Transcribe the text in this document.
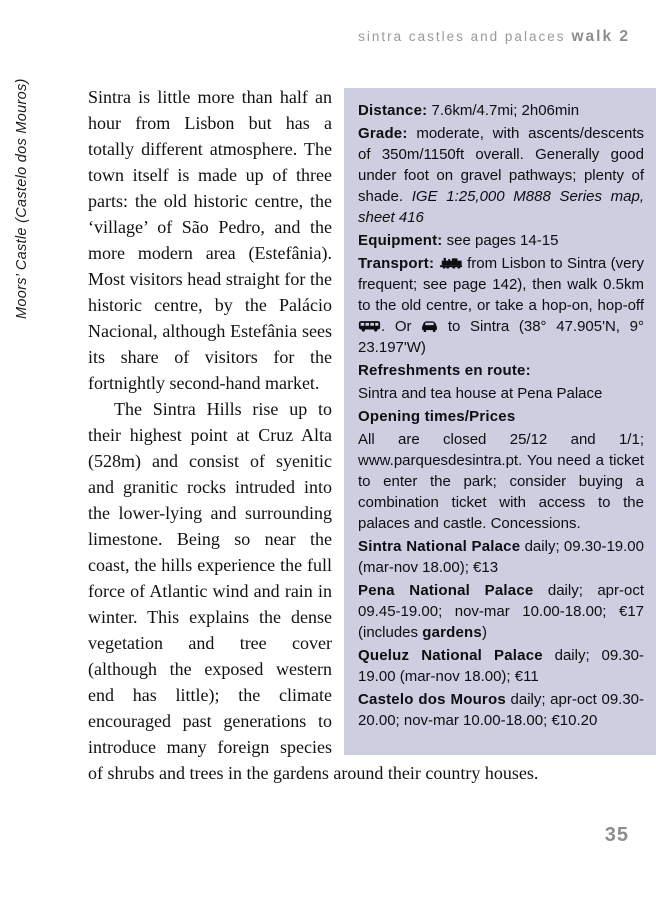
sintra castles and palaces walk 2
Moors’ Castle (Castelo dos Mouros)	Distance: 7.6km/4.7mi; 2h06min

Grade: moderate, with ascents/descents of 350m/1150ft overall. Generally good under foot on gravel pathways; plenty of shade. IGE 1:25,000 M888 Series map, sheet 416

Equipment: see pages 14-15

Transport: from Lisbon to Sintra (very frequent; see page 142), then walk 0.5km to the old centre, or take a hop-on, hop-off . Or to Sintra (38° 47.905'N, 9° 23.197'W)

Refreshments en route:

Sintra and tea house at Pena Palace

Opening times/Prices

All are closed 25/12 and 1/1; www.parquesdesintra.pt. You need a ticket to enter the park; consider buying a combination ticket with access to the palaces and castle. Concessions.

Sintra National Palace daily; 09.30-19.00 (mar-nov 18.00); €13

Pena National Palace daily; apr-oct 09.45-19.00; nov-mar 10.00-18.00; €17 (includes gardens)

Queluz National Palace daily; 09.30-19.00 (mar-nov 18.00); €11

Castelo dos Mouros daily; apr-oct 09.30-20.00; nov-mar 10.00-18.00; €10.20

Sintra is little more than half an hour from Lisbon but has a totally different atmosphere. The town itself is made up of three parts: the old historic centre, the ‘village’ of São Pedro, and the more modern area (Estefânia). Most visitors head straight for the historic centre, by the Palácio Nacional, although Estefânia sees its share of visitors for the fortnightly second-hand market.

The Sintra Hills rise up to their highest point at Cruz Alta (528m) and consist of syenitic and granitic rocks intruded into the lower-lying and surrounding limestone. Being so near the coast, the hills experience the full force of Atlantic wind and rain in winter. This explains the dense vegetation and tree cover (although the exposed western end has little); the climate encouraged past generations to introduce many foreign species of shrubs and trees in the gardens around their country houses.

35
